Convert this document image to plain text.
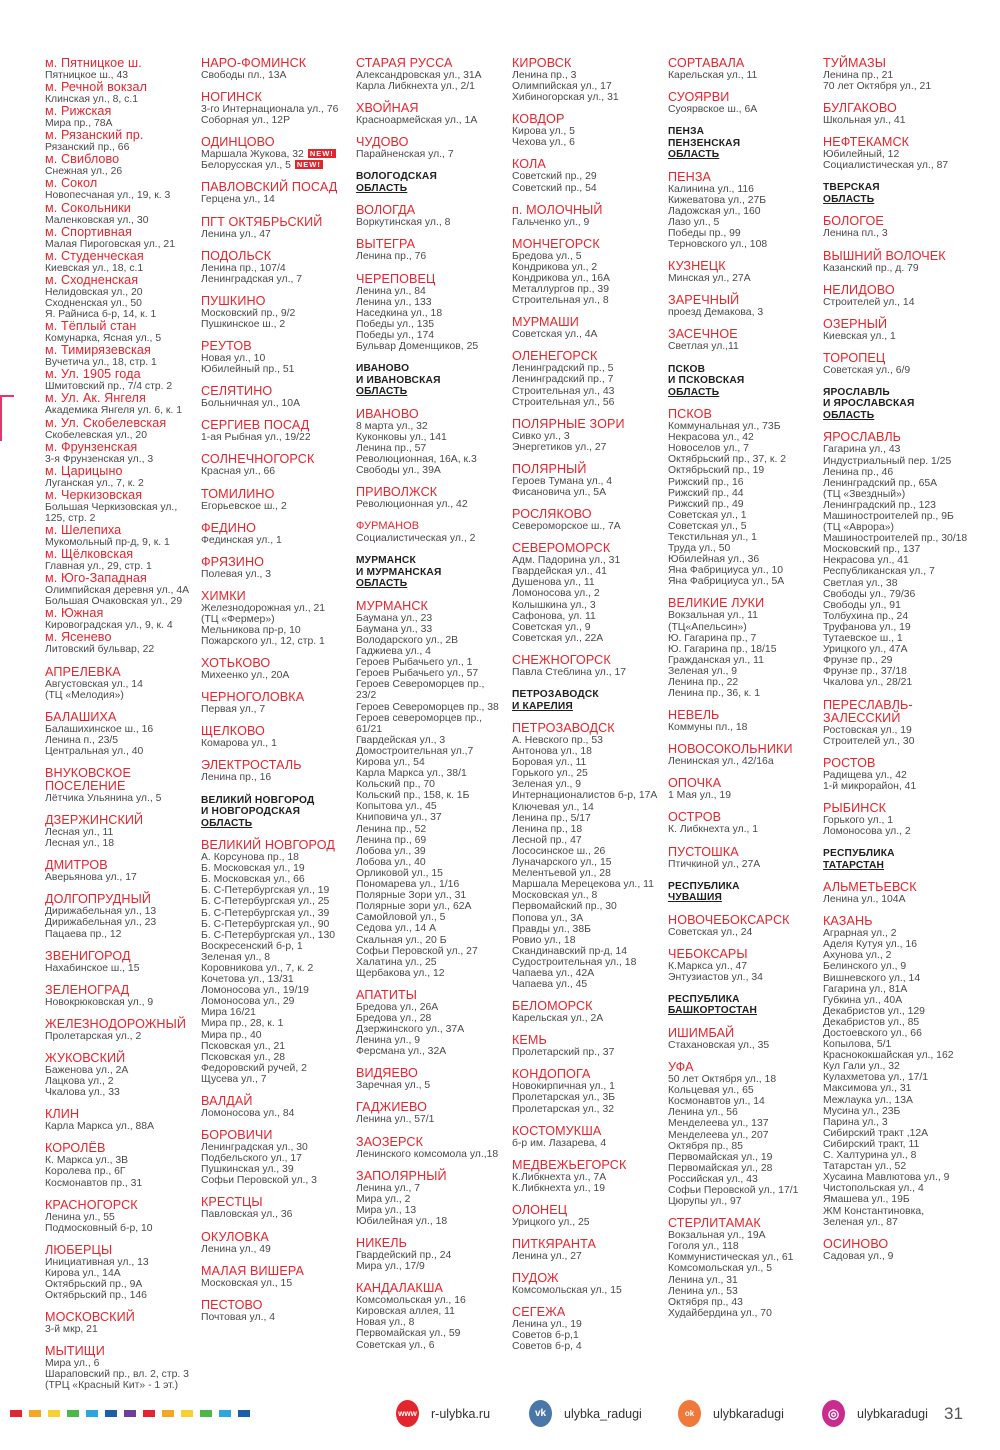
м. Пятницкое ш.
Пятницкое ш., 43
м. Речной вокзал
Клинская ул., 8, с.1
м. Рижская
Мира пр., 78А
м. Рязанский пр.
Рязанский пр., 66
м. Свиблово
Снежная ул., 26
м. Сокол
Новопесчаная ул., 19, к. 3
м. Сокольники
Маленковская ул., 30
м. Спортивная
Малая Пироговская ул., 21
м. Студенческая
Киевская ул., 18, с.1
м. Сходненская
Нелидовская ул., 20
Сходненская ул., 50
Я. Райниса б-р, 14, к. 1
м. Тёплый стан
Комунарка, Ясная ул., 5
м. Тимирязевская
Вучетича ул., 18, стр. 1
м. Ул. 1905 года
Шмитовский пр., 7/4 стр. 2
м. Ул. Ак. Янгеля
Академика Янгеля ул. 6, к. 1
м. Ул. Скобелевская
Скобелевская ул., 20
м. Фрунзенская
3-я Фрунзенская ул., 3
м. Царицыно
Луганская ул., 7, к. 2
м. Черкизовская
Большая Черкизовская ул.,
125, стр. 2
м. Шелепиха
Мукомольный пр-д, 9, к. 1
м. Щёлковская
Главная ул., 29, стр. 1
м. Юго-Западная
Олимпийская деревня ул., 4А
Большая Очаковская ул., 29
м. Южная
Кировоградская ул., 9, к. 4
м. Ясенево
Литовский бульвар, 22
АПРЕЛЕВКА
Августовская ул., 14
(ТЦ «Мелодия»)
БАЛАШИХА
Балашихинское ш., 16
Ленина п., 23/5
Центральная ул., 40
ВНУКОВСКОЕ
ПОСЕЛЕНИЕ
Лётчика Ульянина ул., 5
ДЗЕРЖИНСКИЙ
Лесная ул., 11
Лесная ул., 18
ДМИТРОВ
Аверьянова ул., 17
ДОЛГОПРУДНЫЙ
Дирижабельная ул., 13
Дирижабельная ул., 23
Пацаева пр., 12
ЗВЕНИГОРОД
Нахабинское ш., 15
ЗЕЛЕНОГРАД
Новокрюковская ул., 9
ЖЕЛЕЗНОДОРОЖНЫЙ
Пролетарская ул., 2
ЖУКОВСКИЙ
Баженова ул., 2А
Лацкова ул., 2
Чкалова ул., 33
КЛИН
Карла Маркса ул., 88А
КОРОЛЁВ
К. Маркса ул., 3В
Королева пр., 6Г
Космонавтов пр., 31
КРАСНОГОРСК
Ленина ул., 55
Подмосковный б-р, 10
ЛЮБЕРЦЫ
Инициативная ул., 13
Кирова ул., 14А
Октябрьский пр., 9А
Октябрьский пр., 146
МОСКОВСКИЙ
3-й мкр, 21
МЫТИЩИ
Мира ул., 6
Шараповский пр., вл. 2, стр. 3
(ТРЦ «Красный Кит» - 1 эт.)
НАРО-ФОМИНСК
Свободы пл., 13А
НОГИНСК
3-го Интернационала ул., 76
Соборная ул., 12Р
ОДИНЦОВО
Маршала Жукова, 32 NEW!
Белорусская ул., 5 NEW!
ПАВЛОВСКИЙ ПОСАД
Герцена ул., 14
ПГТ ОКТЯБРЬСКИЙ
Ленина ул., 47
ПОДОЛЬСК
Ленина пр., 107/4
Ленинградская ул., 7
ПУШКИНО
Московский пр., 9/2
Пушкинское ш., 2
РЕУТОВ
Новая ул., 10
Юбилейный пр., 51
СЕЛЯТИНО
Больничная ул., 10А
СЕРГИЕВ ПОСАД
1-ая Рыбная ул., 19/22
СОЛНЕЧНОГОРСК
Красная ул., 66
ТОМИЛИНО
Егорьевское ш., 2
ФЕДИНО
Фединская ул., 1
ФРЯЗИНО
Полевая ул., 3
ХИМКИ
Железнодорожная ул., 21
(ТЦ «Фермер»)
Мельникова пр-р, 10
Пожарского ул., 12, стр. 1
ХОТЬКОВО
Михеенко ул., 20А
ЧЕРНОГОЛОВКА
Первая ул., 7
ЩЕЛКОВО
Комарова ул., 1
ЭЛЕКТРОСТАЛЬ
Ленина пр., 16
ВЕЛИКИЙ НОВГОРОД
И НОВГОРОДСКАЯ
ОБЛАСТЬ
ВЕЛИКИЙ НОВГОРОД
А. Корсунова пр., 18
Б. Московская ул., 19
Б. Московская ул., 66
Б. С-Петербургская ул., 19
Б. С-Петербургская ул., 25
Б. С-Петербургская ул., 39
Б. С-Петербургская ул., 90
Б. С-Петербургская ул., 130
Воскресенский б-р, 1
Зеленая ул., 8
Коровникова ул., 7, к. 2
Кочетова ул., 13/31
Ломоносова ул., 19/19
Ломоносова ул., 29
Мира 16/21
Мира пр., 28, к. 1
Мира пр., 40
Псковская ул., 21
Псковская ул., 28
Федоровский ручей, 2
Щусева ул., 7
ВАЛДАЙ
Ломоносова ул., 84
БОРОВИЧИ
Ленинградская ул., 30
Подбельского ул., 17
Пушкинская ул., 39
Софьи Перовской ул., 3
КРЕСТЦЫ
Павловская ул., 36
ОКУЛОВКА
Ленина ул., 49
МАЛАЯ ВИШЕРА
Московская ул., 15
ПЕСТОВО
Почтовая ул., 4
СТАРАЯ РУССА
Александровская ул., 31А
Карла Либкнехта ул., 2/1
ХВОЙНАЯ
Красноармейская ул., 1А
ЧУДОВО
Парайненская ул., 7
ВОЛОГОДСКАЯ
ОБЛАСТЬ
ВОЛОГДА
Воркутинская ул., 8
ВЫТЕГРА
Ленина пр., 76
ЧЕРЕПОВЕЦ
Ленина ул., 84
Ленина ул., 133
Наседкина ул., 18
Победы ул., 135
Победы ул., 174
Бульвар Доменщиков, 25
ИВАНОВО
И ИВАНОВСКАЯ
ОБЛАСТЬ
ИВАНОВО
8 марта ул., 32
Куконковы ул., 141
Ленина пр., 57
Революционная, 16А, к.3
Свободы ул., 39А
ПРИВОЛЖСК
Революционная ул., 42
ФУРМАНОВ
Социалистическая ул., 2
МУРМАНСК
И МУРМАНСКАЯ
ОБЛАСТЬ
МУРМАНСК
Баумана ул., 23
Баумана ул., 33
Володарского ул., 2В
Гаджиева ул., 4
Героев Рыбачьего ул., 1
Героев Рыбачьего ул., 57
Героев Североморцев пр.,
23/2
Героев Североморцев пр., 38
Героев североморцев пр.,
61/21
Гвардейская ул., 3
Домостроительная ул.,7
Кирова ул., 54
Карла Маркса ул., 38/1
Кольский пр., 70
Кольский пр., 158, к. 1Б
Копытова ул., 45
Книповича ул., 37
Ленина пр., 52
Ленина пр., 69
Лобова ул., 39
Лобова ул., 40
Орликовой ул., 15
Пономарева ул., 1/16
Полярные Зори ул., 31
Полярные зори ул., 62А
Самойловой ул., 5
Седова ул., 14 А
Скальная ул., 20 Б
Софьи Перовской ул., 27
Халатина ул., 25
Щербакова ул., 12
АПАТИТЫ
Бредова ул., 26А
Бредова ул., 28
Дзержинского ул., 37А
Ленина ул., 9
Ферсмана ул., 32А
ВИДЯЕВО
Заречная ул., 5
ГАДЖИЕВО
Ленина ул., 57/1
ЗАОЗЕРСК
Ленинского комсомола ул.,18
ЗАПОЛЯРНЫЙ
Ленина ул., 7
Мира ул., 2
Мира ул., 13
Юбилейная ул., 18
НИКЕЛЬ
Гвардейский пр., 24
Мира ул., 17/9
КАНДАЛАКША
Комсомольская ул., 16
Кировская аллея, 11
Новая ул., 8
Первомайская ул., 59
Советская ул., 6
КИРОВСК
Ленина пр., 3
Олимпийская ул., 17
Хибиногорская ул., 31
КОВДОР
Кирова ул., 5
Чехова ул., 6
КОЛА
Советский пр., 29
Советский пр., 54
п. МОЛОЧНЫЙ
Гальченко ул., 9
МОНЧЕГОРСК
Бредова ул., 5
Кондрикова ул., 2
Кондрикова ул., 16А
Металлургов пр., 39
Строительная ул., 8
МУРМАШИ
Советская ул., 4А
ОЛЕНЕГОРСК
Ленинградский пр., 5
Ленинградский пр., 7
Строительная ул., 43
Строительная ул., 56
ПОЛЯРНЫЕ ЗОРИ
Сивко ул., 3
Энергетиков ул., 27
ПОЛЯРНЫЙ
Героев Тумана ул., 4
Фисановича ул., 5А
РОСЛЯКОВО
Североморское ш., 7А
СЕВЕРОМОРСК
Адм. Падорина ул., 31
Гвардейская ул., 41
Душенова ул., 11
Ломоносова ул., 2
Колышкина ул., 3
Сафонова, ул. 11
Советская ул., 9
Советская ул., 22А
СНЕЖНОГОРСК
Павла Стеблина ул., 17
ПЕТРОЗАВОДСК
И КАРЕЛИЯ
ПЕТРОЗАВОДСК
А. Невского пр., 53
Антонова ул., 18
Боровая ул., 11
Горького ул., 25
Зеленая ул., 9
Интернационалистов б-р, 17А
Ключевая ул., 14
Ленина пр., 5/17
Ленина пр., 18
Лесной пр., 47
Лососинское ш., 26
Луначарского ул., 15
Мелентьевой ул., 28
Маршала Мерецекова ул., 11
Московская ул., 8
Первомайский пр., 30
Попова ул., 3А
Правды ул., 38Б
Ровио ул., 18
Скандинавский пр-д, 14
Судостроительная ул., 18
Чапаева ул., 42А
Чапаева ул., 45
БЕЛОМОРСК
Карельская ул., 2А
КЕМЬ
Пролетарский пр., 37
КОНДОПОГА
Новокирпичная ул., 1
Пролетарская ул., 3Б
Пролетарская ул., 32
КОСТОМУКША
б-р им. Лазарева, 4
МЕДВЕЖЬЕГОРСК
К.Либкнехта ул., 7А
К.Либкнехта ул., 19
ОЛОНЕЦ
Урицкого ул., 25
ПИТКЯРАНТА
Ленина ул., 27
ПУДОЖ
Комсомольская ул., 15
СЕГЕЖА
Ленина ул., 19
Советов б-р,1
Советов б-р, 4
СОРТАВАЛА
Карельская ул., 11
СУОЯРВИ
Суоярвское ш., 6А
ПЕНЗА
ПЕНЗЕНСКАЯ
ОБЛАСТЬ
ПЕНЗА
Калинина ул., 116
Кижеватова ул., 27Б
Ладожская ул., 160
Лазо ул., 5
Победы пр., 99
Терновского ул., 108
КУЗНЕЦК
Минская ул., 27А
ЗАРЕЧНЫЙ
проезд Демакова, 3
ЗАСЕЧНОЕ
Светлая ул.,11
ПСКОВ
И ПСКОВСКАЯ
ОБЛАСТЬ
ПСКОВ
Коммунальная ул., 73Б
Некрасова ул., 42
Новоселов ул., 7
Октябрьский пр., 37, к. 2
Октябрьский пр., 19
Рижский пр., 16
Рижский пр., 44
Рижский пр., 49
Советская ул., 1
Советская ул., 5
Текстильная ул., 1
Труда ул., 50
Юбилейная ул., 36
Яна Фабрициуса ул., 10
Яна Фабрициуса ул., 5А
ВЕЛИКИЕ ЛУКИ
Вокзальная ул., 11
(ТЦ«Апельсин»)
Ю. Гагарина пр., 7
Ю. Гагарина пр., 18/15
Гражданская ул., 11
Зеленая ул., 9
Ленина пр., 22
Ленина пр., 36, к. 1
НЕВЕЛЬ
Коммуны пл., 18
НОВОСОКОЛЬНИКИ
Ленинская ул., 42/16а
ОПОЧКА
1 Мая ул., 19
ОСТРОВ
К. Либкнехта ул., 1
ПУСТОШКА
Птичкиной ул., 27А
РЕСПУБЛИКА
ЧУВАШИЯ
НОВОЧЕБОКСАРСК
Советская ул., 24
ЧЕБОКСАРЫ
К.Маркса ул., 47
Энтузиастов ул., 34
РЕСПУБЛИКА
БАШКОРТОСТАН
ИШИМБАЙ
Стахановская ул., 35
УФА
50 лет Октября ул., 18
Кольцевая ул., 65
Космонавтов ул., 14
Ленина ул., 56
Менделеева ул., 137
Менделеева ул., 207
Октября пр., 85
Первомайская ул., 19
Первомайская ул., 28
Российская ул., 43
Софьи Перовской ул., 17/1
Цюрупы ул., 97
СТЕРЛИТАМАК
Вокзальная ул., 19А
Гоголя ул., 118
Коммунистическая ул., 61
Комсомольская ул., 5
Ленина ул., 31
Ленина ул., 53
Октября пр., 43
Худайбердина ул., 70
ТУЙМАЗЫ
Ленина пр., 21
70 лет Октября ул., 21
БУЛГАКОВО
Школьная ул., 41
НЕФТЕКАМСК
Юбилейный, 12
Социалистическая ул., 87
ТВЕРСКАЯ
ОБЛАСТЬ
БОЛОГОЕ
Ленина пл., 3
ВЫШНИЙ ВОЛОЧЕК
Казанский пр., д. 79
НЕЛИДОВО
Строителей ул., 14
ОЗЕРНЫЙ
Киевская ул., 1
ТОРОПЕЦ
Советская ул., 6/9
ЯРОСЛАВЛЬ
И ЯРОСЛАВСКАЯ
ОБЛАСТЬ
ЯРОСЛАВЛЬ
Гагарина ул., 43
Индустриальный пер. 1/25
Ленина пр., 46
Ленинградский пр., 65А
(ТЦ «Звездный»)
Ленинградский пр., 123
Машиностроителей пр., 9Б
(ТЦ «Аврора»)
Машиностроителей пр., 30/18
Московский пр., 137
Некрасова ул., 41
Республиканская ул., 7
Светлая ул., 38
Свободы ул., 79/36
Свободы ул., 91
Толбухина пр., 24
Труфанова ул., 19
Тутаевское ш., 1
Урицкого ул., 47А
Фрунзе пр., 29
Фрунзе пр., 37/18
Чкалова ул., 28/21
ПЕРЕСЛАВЛЬ-
ЗАЛЕССКИЙ
Ростовская ул., 19
Строителей ул., 30
РОСТОВ
Радищева ул., 42
1-й микрорайон, 41
РЫБИНСК
Горького ул., 1
Ломоносова ул., 2
РЕСПУБЛИКА
ТАТАРСТАН
АЛЬМЕТЬЕВСК
Ленина ул., 104А
КАЗАНЬ
Аграрная ул., 2
Аделя Кутуя ул., 16
Ахунова ул., 2
Белинского ул., 9
Вишневского ул., 14
Гагарина ул., 81А
Губкина ул., 40А
Декабристов ул., 129
Декабристов ул., 85
Достоевского ул., 66
Копылова, 5/1
Краснококшайская ул., 162
Кул Гали ул., 32
Кулахметова ул., 17/1
Максимова ул., 31
Межлаука ул., 13А
Мусина ул., 23Б
Парина ул., 3
Сибирский тракт ,12А
Сибирский тракт, 11
С. Халтурина ул., 8
Татарстан ул., 52
Хусаина Мавлютова ул., 9
Чистопольская ул., 4
Ямашева ул., 19Б
ЖМ Константиновка,
Зеленая ул., 87
ОСИНОВО
Садовая ул., 9
www r-ulybka.ru	vk ulybka_radugi	ok ulybkaradugi	◎ ulybkaradugi 31
